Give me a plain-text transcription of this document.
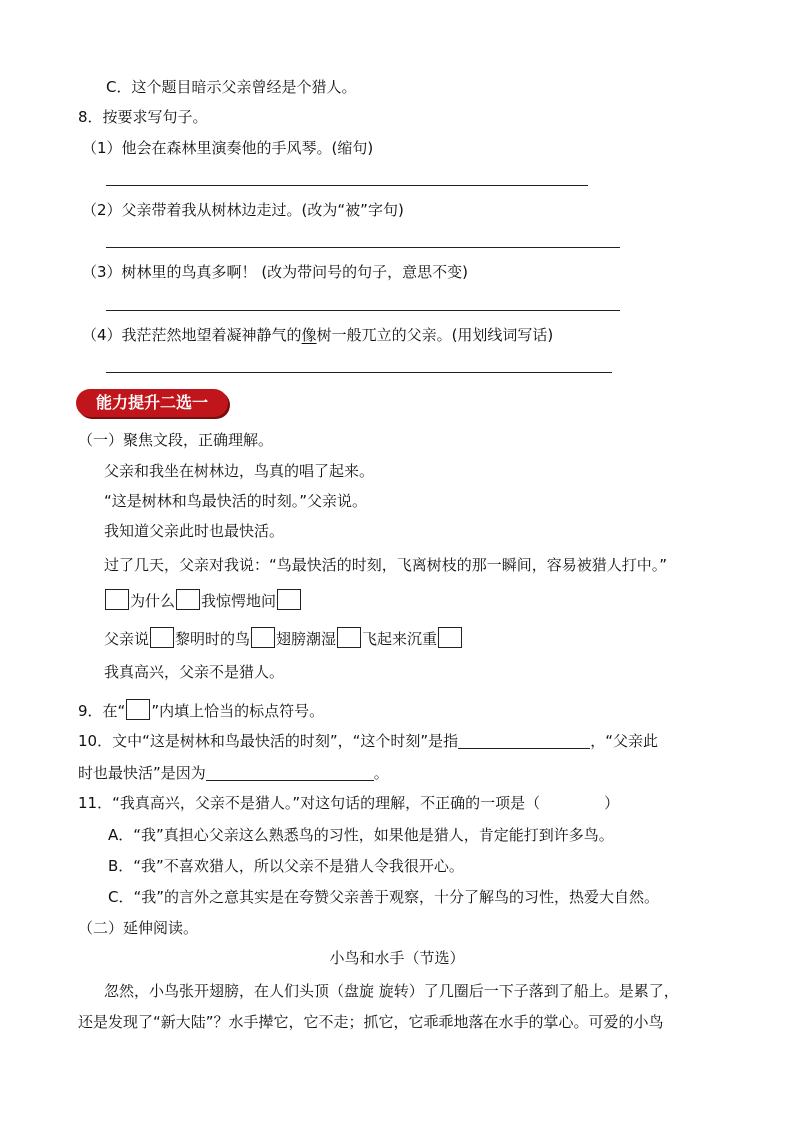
C．这个题目暗示父亲曾经是个猎人。
8．按要求写句子。
（1）他会在森林里演奏他的手风琴。(缩句)
（2）父亲带着我从树林边走过。(改为“被”字句)
（3）树林里的鸟真多啊！ (改为带问号的句子，意思不变)
（4）我茫茫然地望着凝神静气的像树一般兀立的父亲。(用划线词写话)
能力提升二选一
（一）聚焦文段，正确理解。
父亲和我坐在树林边，鸟真的唱了起来。
“这是树林和鸟最快活的时刻。”父亲说。
我知道父亲此时也最快活。
过了几天，父亲对我说：“鸟最快活的时刻，飞离树枝的那一瞬间，容易被猎人打中。”
为什么 我惊愕地问
父亲说 黎明时的鸟 翅膀潮湿 飞起来沉重
我真高兴，父亲不是猎人。
9．在“ ”内填上恰当的标点符号。
10．文中“这是树林和鸟最快活的时刻”，“这个时刻”是指	，“父亲此
时也最快活”是因为	。
11．“我真高兴，父亲不是猎人。”对这句话的理解，不正确的一项是（	）
A．“我”真担心父亲这么熟悉鸟的习性，如果他是猎人，肯定能打到许多鸟。
B．“我”不喜欢猎人，所以父亲不是猎人令我很开心。
C．“我”的言外之意其实是在夸赞父亲善于观察，十分了解鸟的习性，热爱大自然。
（二）延伸阅读。
小鸟和水手（节选）
忽然，小鸟张开翅膀，在人们头顶（盘旋 旋转）了几圈后一下子落到了船上。是累了，
还是发现了“新大陆”？水手撵它，它不走；抓它，它乖乖地落在水手的掌心。可爱的小鸟
